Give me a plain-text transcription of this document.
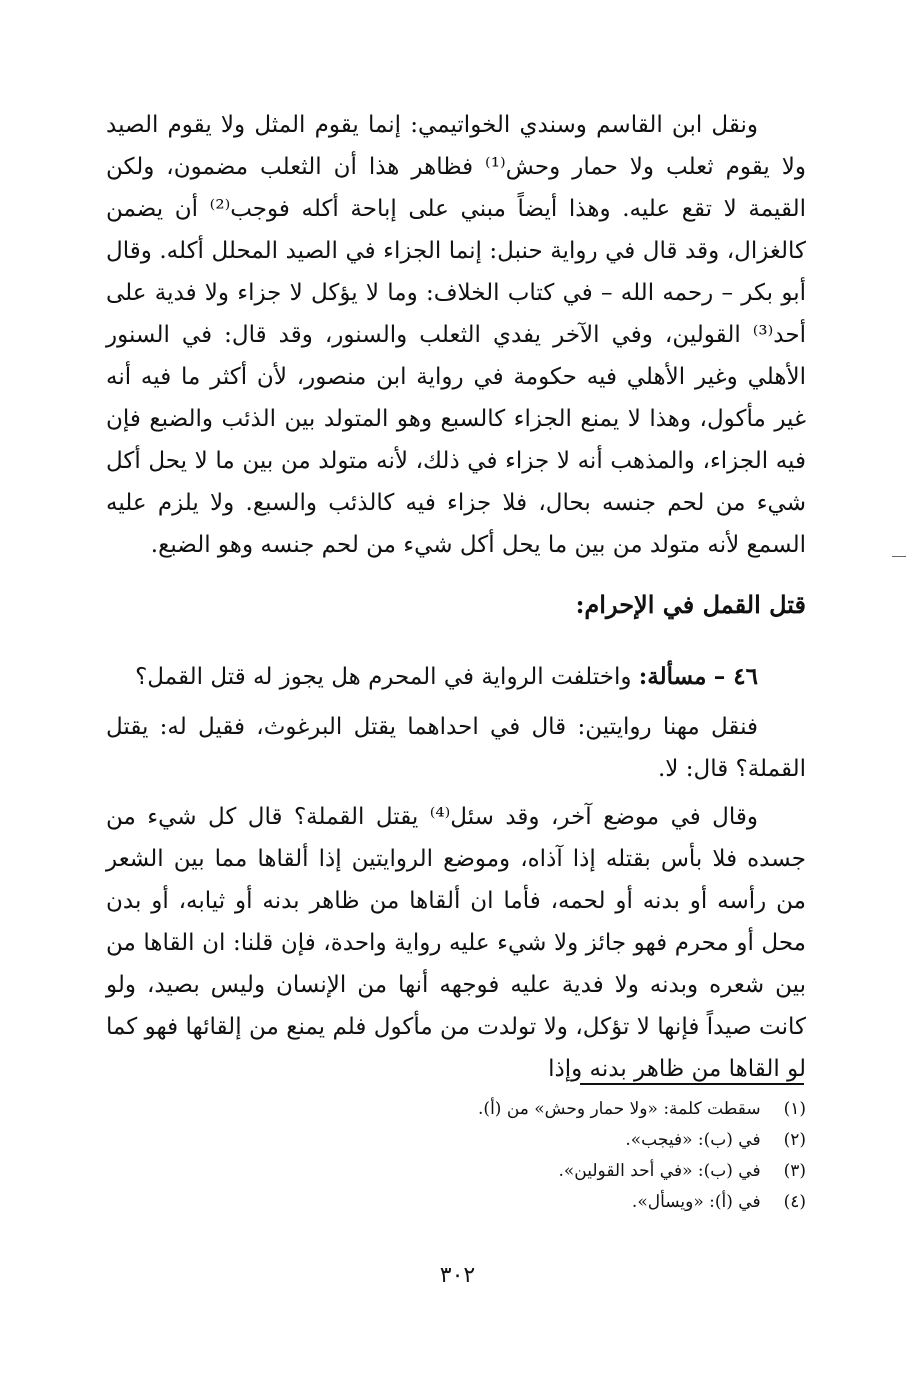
ونقل ابن القاسم وسندي الخواتيمي: إنما يقوم المثل ولا يقوم الصيد ولا يقوم ثعلب ولا حمار وحش⁽¹⁾ فظاهر هذا أن الثعلب مضمون، ولكن القيمة لا تقع عليه. وهذا أيضاً مبني على إباحة أكله فوجب⁽²⁾ أن يضمن كالغزال، وقد قال في رواية حنبل: إنما الجزاء في الصيد المحلل أكله. وقال أبو بكر – رحمه الله – في كتاب الخلاف: وما لا يؤكل لا جزاء ولا فدية على أحد⁽³⁾ القولين، وفي الآخر يفدي الثعلب والسنور، وقد قال: في السنور الأهلي وغير الأهلي فيه حكومة في رواية ابن منصور، لأن أكثر ما فيه أنه غير مأكول، وهذا لا يمنع الجزاء كالسبع وهو المتولد بين الذئب والضبع فإن فيه الجزاء، والمذهب أنه لا جزاء في ذلك، لأنه متولد من بين ما لا يحل أكل شيء من لحم جنسه بحال، فلا جزاء فيه كالذئب والسبع. ولا يلزم عليه السمع لأنه متولد من بين ما يحل أكل شيء من لحم جنسه وهو الضبع.

قتل القمل في الإحرام:

٤٦ – مسألة: واختلفت الرواية في المحرم هل يجوز له قتل القمل؟

فنقل مهنا روايتين: قال في احداهما يقتل البرغوث، فقيل له: يقتل القملة؟ قال: لا.

وقال في موضع آخر، وقد سئل⁽⁴⁾ يقتل القملة؟ قال كل شيء من جسده فلا بأس بقتله إذا آذاه، وموضع الروايتين إذا ألقاها مما بين الشعر من رأسه أو بدنه أو لحمه، فأما ان ألقاها من ظاهر بدنه أو ثيابه، أو بدن محل أو محرم فهو جائز ولا شيء عليه رواية واحدة، فإن قلنا: ان القاها من بين شعره وبدنه ولا فدية عليه فوجهه أنها من الإنسان وليس بصيد، ولو كانت صيداً فإنها لا تؤكل، ولا تولدت من مأكول فلم يمنع من إلقائها فهو كما لو القاها من ظاهر بدنه وإذا

(١) سقطت كلمة: «ولا حمار وحش» من (أ).
(٢) في (ب): «فيجب».
(٣) في (ب): «في أحد القولين».
(٤) في (أ): «ويسأل».
٣٠٢
